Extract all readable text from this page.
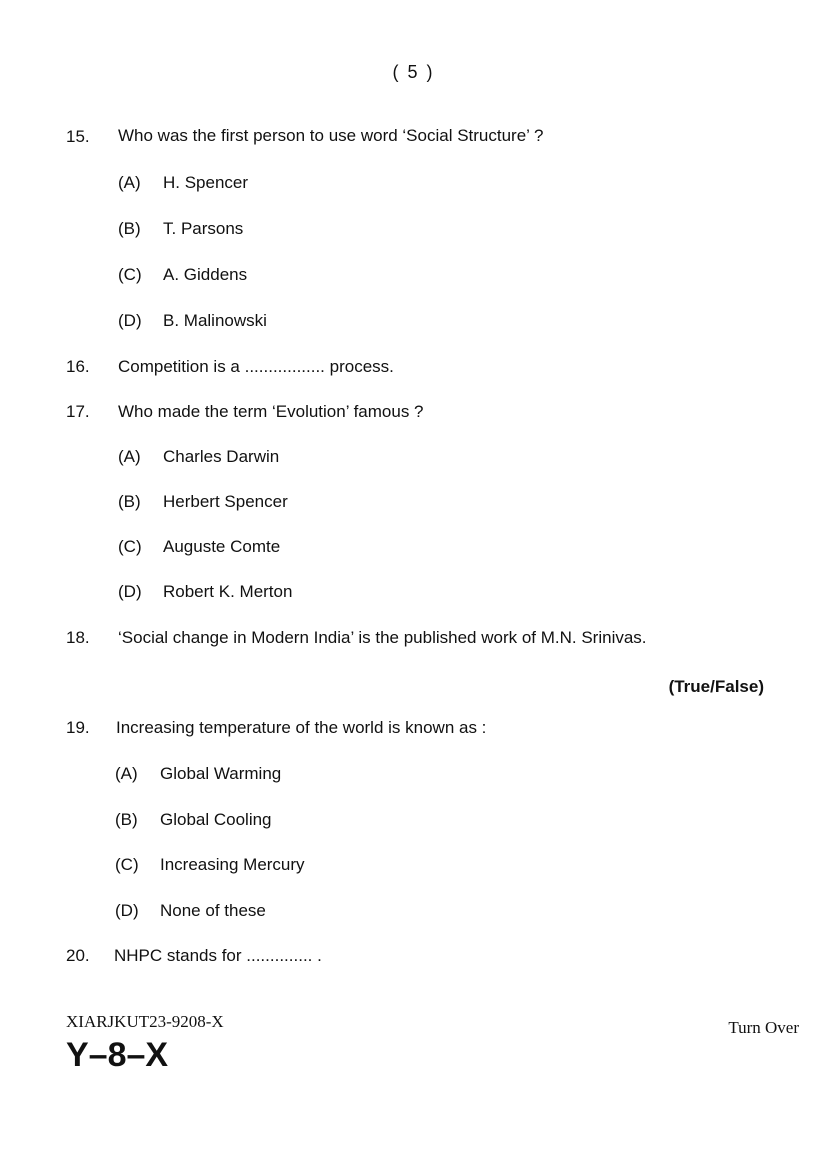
( 5 )
15. Who was the first person to use word ‘Social Structure’ ?
(A) H. Spencer
(B) T. Parsons
(C) A. Giddens
(D) B. Malinowski
16. Competition is a ................. process.
17. Who made the term ‘Evolution’ famous ?
(A) Charles Darwin
(B) Herbert Spencer
(C) Auguste Comte
(D) Robert K. Merton
18. ‘Social change in Modern India’ is the published work of M.N. Srinivas.
(True/False)
19. Increasing temperature of the world is known as :
(A) Global Warming
(B) Global Cooling
(C) Increasing Mercury
(D) None of these
20. NHPC stands for .............. .
XIARJKUT23-9208-X	Turn Over
Y–8–X
